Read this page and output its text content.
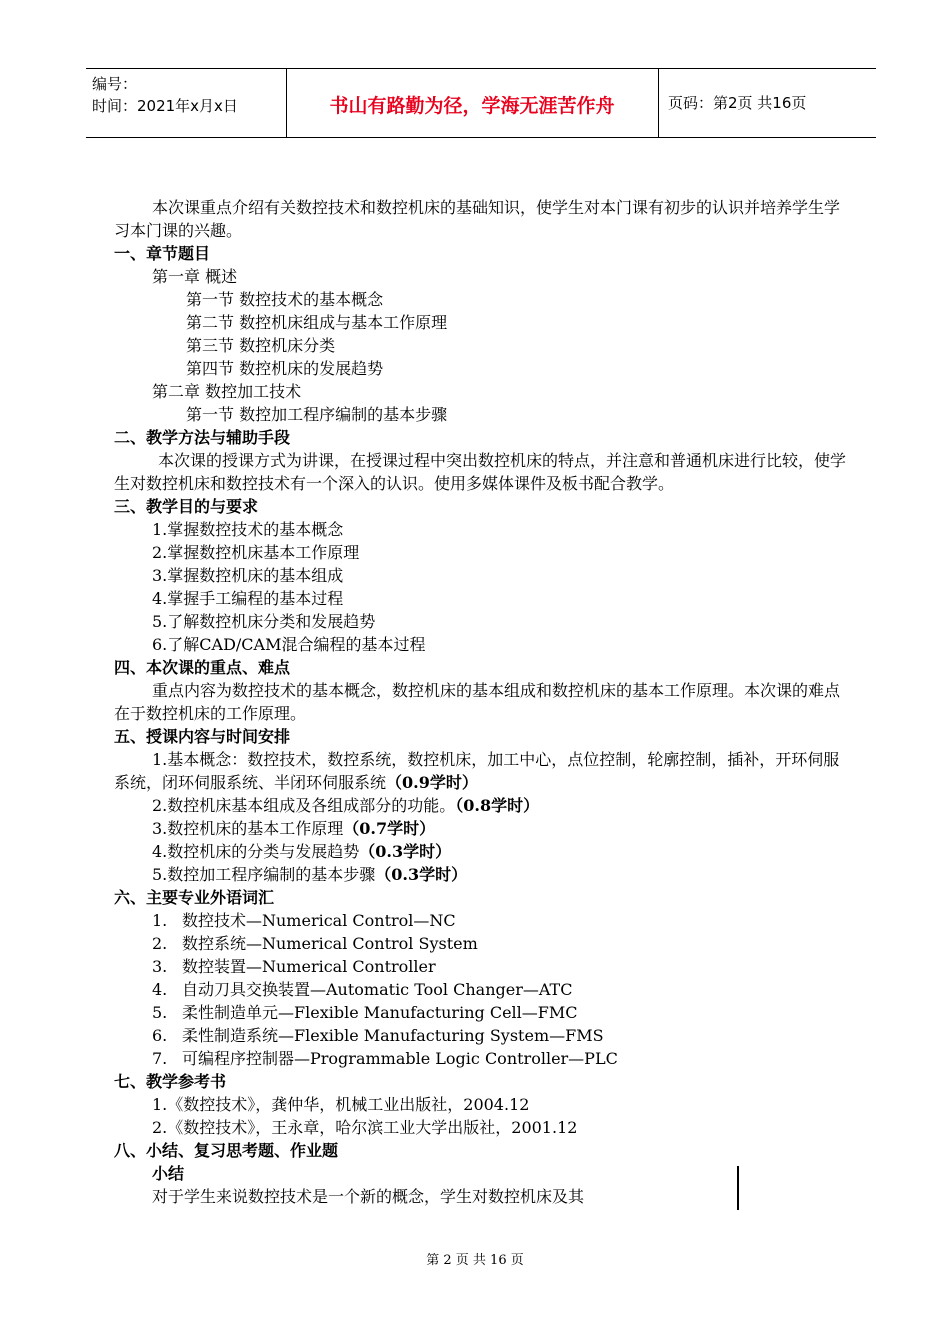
编号：
时间：2021年x月x日	书山有路勤为径，学海无涯苦作舟	页码：第2页 共16页

本次课重点介绍有关数控技术和数控机床的基础知识，使学生对本门课有初步的认识并培养学生学习本门课的兴趣。

一、章节题目

第一章 概述

第一节 数控技术的基本概念

第二节 数控机床组成与基本工作原理

第三节 数控机床分类

第四节 数控机床的发展趋势

第二章 数控加工技术

第一节 数控加工程序编制的基本步骤

二、教学方法与辅助手段

本次课的授课方式为讲课，在授课过程中突出数控机床的特点，并注意和普通机床进行比较，使学生对数控机床和数控技术有一个深入的认识。使用多媒体课件及板书配合教学。

三、教学目的与要求

1.掌握数控技术的基本概念

2.掌握数控机床基本工作原理

3.掌握数控机床的基本组成

4.掌握手工编程的基本过程

5.了解数控机床分类和发展趋势

6.了解CAD/CAM混合编程的基本过程

四、本次课的重点、难点

重点内容为数控技术的基本概念，数控机床的基本组成和数控机床的基本工作原理。本次课的难点在于数控机床的工作原理。

五、授课内容与时间安排

1.基本概念：数控技术，数控系统，数控机床，加工中心，点位控制，轮廓控制，插补，开环伺服系统，闭环伺服系统、半闭环伺服系统（0.9学时）

2.数控机床基本组成及各组成部分的功能。（0.8学时）

3.数控机床的基本工作原理（0.7学时）

4.数控机床的分类与发展趋势（0.3学时）

5.数控加工程序编制的基本步骤（0.3学时）

六、主要专业外语词汇

1. 数控技术—Numerical Control—NC

2. 数控系统—Numerical Control System

3. 数控装置—Numerical Controller

4. 自动刀具交换装置—Automatic Tool Changer—ATC

5. 柔性制造单元—Flexible Manufacturing Cell—FMC

6. 柔性制造系统—Flexible Manufacturing System—FMS

7. 可编程序控制器—Programmable Logic Controller—PLC

七、教学参考书

1.《数控技术》，龚仲华，机械工业出版社，2004.12

2.《数控技术》，王永章，哈尔滨工业大学出版社，2001.12

八、小结、复习思考题、作业题

小结

对于学生来说数控技术是一个新的概念，学生对数控机床及其

第 2 页 共 16 页
